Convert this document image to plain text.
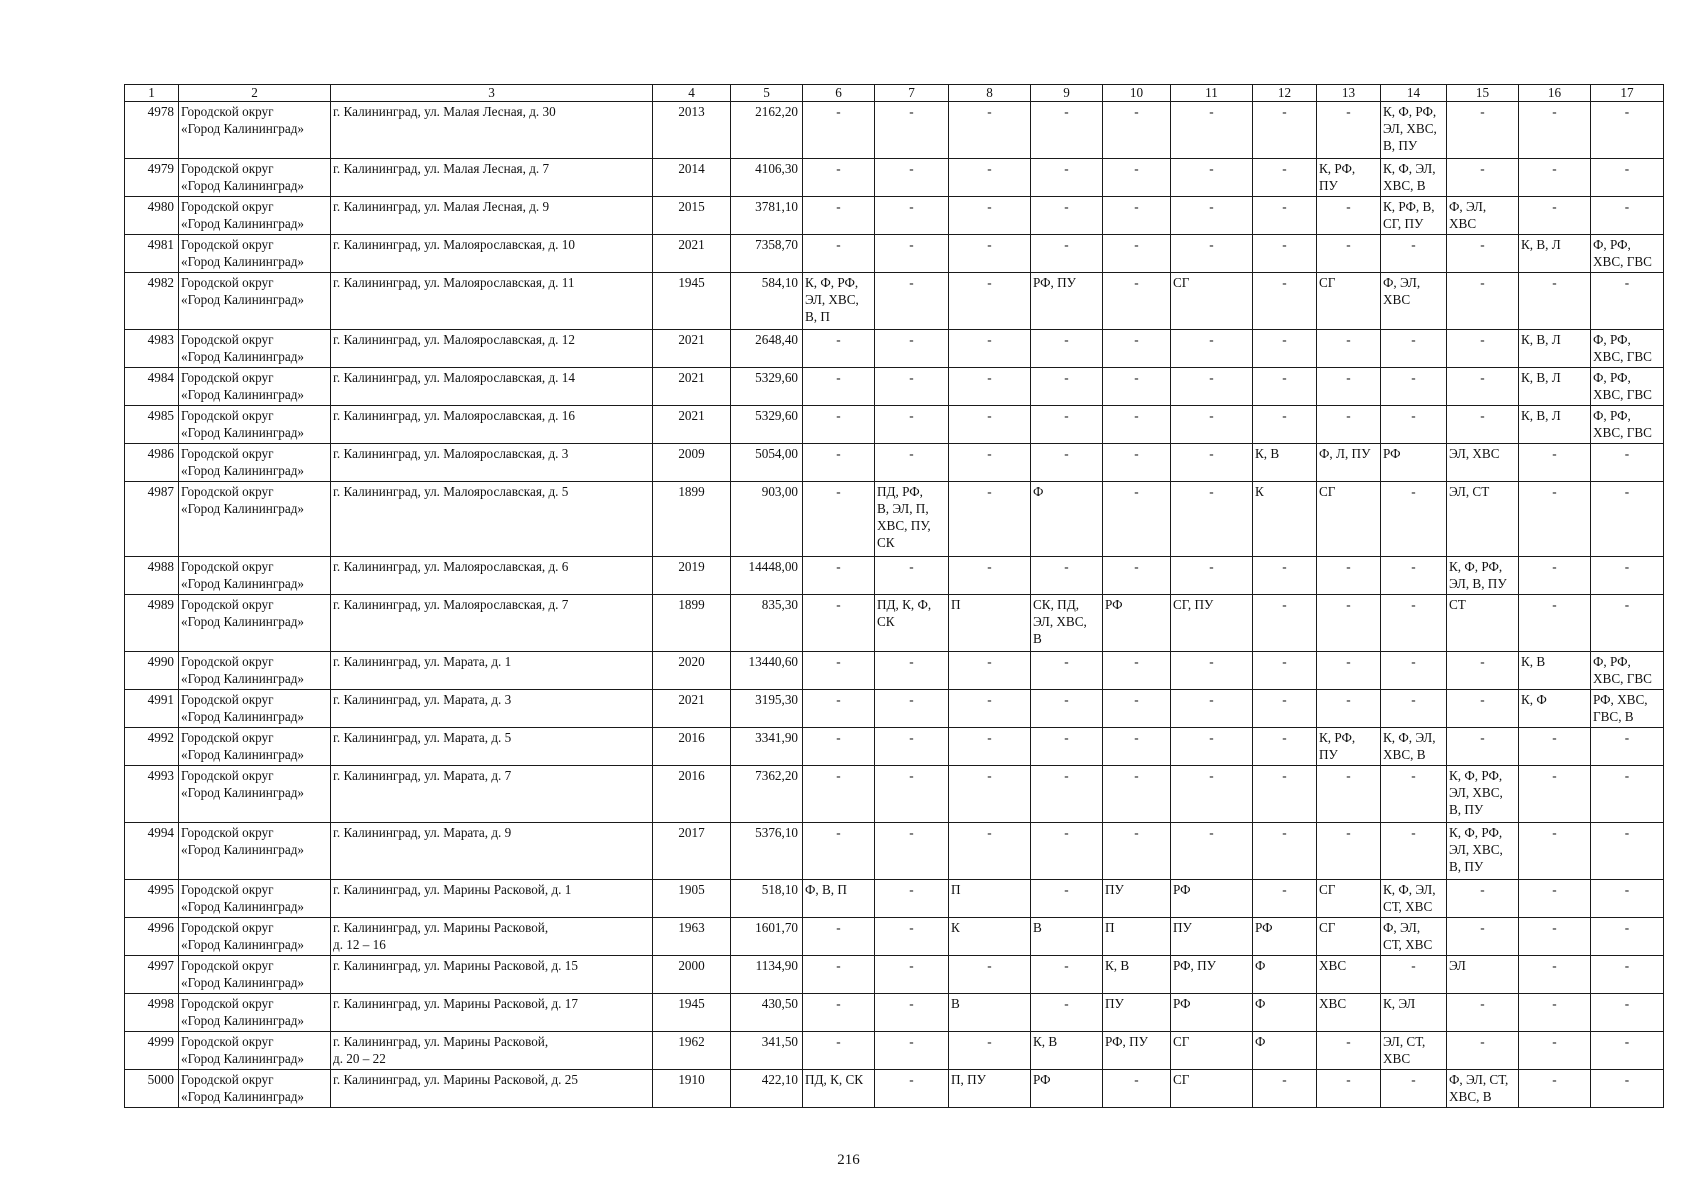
1	2	3	4	5	6	7	8	9	10	11	12	13	14	15	16	17
4978	Городской округ
«Город Калининград»	г. Калининград, ул. Малая Лесная, д. 30	2013	2162,20	-	-	-	-	-	-	-	-	К, Ф, РФ,
ЭЛ, ХВС,
В, ПУ	-	-	-
4979	Городской округ
«Город Калининград»	г. Калининград, ул. Малая Лесная, д. 7	2014	4106,30	-	-	-	-	-	-	-	К, РФ,
ПУ	К, Ф, ЭЛ,
ХВС, В	-	-	-
4980	Городской округ
«Город Калининград»	г. Калининград, ул. Малая Лесная, д. 9	2015	3781,10	-	-	-	-	-	-	-	-	К, РФ, В,
СГ, ПУ	Ф, ЭЛ,
ХВС	-	-
4981	Городской округ
«Город Калининград»	г. Калининград, ул. Малоярославская, д. 10	2021	7358,70	-	-	-	-	-	-	-	-	-	-	К, В, Л	Ф, РФ,
ХВС, ГВС
4982	Городской округ
«Город Калининград»	г. Калининград, ул. Малоярославская, д. 11	1945	584,10	К, Ф, РФ,
ЭЛ, ХВС,
В, П	-	-	РФ, ПУ	-	СГ	-	СГ	Ф, ЭЛ,
ХВС	-	-	-
4983	Городской округ
«Город Калининград»	г. Калининград, ул. Малоярославская, д. 12	2021	2648,40	-	-	-	-	-	-	-	-	-	-	К, В, Л	Ф, РФ,
ХВС, ГВС
4984	Городской округ
«Город Калининград»	г. Калининград, ул. Малоярославская, д. 14	2021	5329,60	-	-	-	-	-	-	-	-	-	-	К, В, Л	Ф, РФ,
ХВС, ГВС
4985	Городской округ
«Город Калининград»	г. Калининград, ул. Малоярославская, д. 16	2021	5329,60	-	-	-	-	-	-	-	-	-	-	К, В, Л	Ф, РФ,
ХВС, ГВС
4986	Городской округ
«Город Калининград»	г. Калининград, ул. Малоярославская, д. 3	2009	5054,00	-	-	-	-	-	-	К, В	Ф, Л, ПУ	РФ	ЭЛ, ХВС	-	-
4987	Городской округ
«Город Калининград»	г. Калининград, ул. Малоярославская, д. 5	1899	903,00	-	ПД, РФ,
В, ЭЛ, П,
ХВС, ПУ,
СК	-	Ф	-	-	К	СГ	-	ЭЛ, СТ	-	-
4988	Городской округ
«Город Калининград»	г. Калининград, ул. Малоярославская, д. 6	2019	14448,00	-	-	-	-	-	-	-	-	-	К, Ф, РФ,
ЭЛ, В, ПУ	-	-
4989	Городской округ
«Город Калининград»	г. Калининград, ул. Малоярославская, д. 7	1899	835,30	-	ПД, К, Ф,
СК	П	СК, ПД,
ЭЛ, ХВС,
В	РФ	СГ, ПУ	-	-	-	СТ	-	-
4990	Городской округ
«Город Калининград»	г. Калининград, ул. Марата, д. 1	2020	13440,60	-	-	-	-	-	-	-	-	-	-	К, В	Ф, РФ,
ХВС, ГВС
4991	Городской округ
«Город Калининград»	г. Калининград, ул. Марата, д. 3	2021	3195,30	-	-	-	-	-	-	-	-	-	-	К, Ф	РФ, ХВС,
ГВС, В
4992	Городской округ
«Город Калининград»	г. Калининград, ул. Марата, д. 5	2016	3341,90	-	-	-	-	-	-	-	К, РФ,
ПУ	К, Ф, ЭЛ,
ХВС, В	-	-	-
4993	Городской округ
«Город Калининград»	г. Калининград, ул. Марата, д. 7	2016	7362,20	-	-	-	-	-	-	-	-	-	К, Ф, РФ,
ЭЛ, ХВС,
В, ПУ	-	-
4994	Городской округ
«Город Калининград»	г. Калининград, ул. Марата, д. 9	2017	5376,10	-	-	-	-	-	-	-	-	-	К, Ф, РФ,
ЭЛ, ХВС,
В, ПУ	-	-
4995	Городской округ
«Город Калининград»	г. Калининград, ул. Марины Расковой, д. 1	1905	518,10	Ф, В, П	-	П	-	ПУ	РФ	-	СГ	К, Ф, ЭЛ,
СТ, ХВС	-	-	-
4996	Городской округ
«Город Калининград»	г. Калининград, ул. Марины Расковой,
д. 12 – 16	1963	1601,70	-	-	К	В	П	ПУ	РФ	СГ	Ф, ЭЛ,
СТ, ХВС	-	-	-
4997	Городской округ
«Город Калининград»	г. Калининград, ул. Марины Расковой, д. 15	2000	1134,90	-	-	-	-	К, В	РФ, ПУ	Ф	ХВС	-	ЭЛ	-	-
4998	Городской округ
«Город Калининград»	г. Калининград, ул. Марины Расковой, д. 17	1945	430,50	-	-	В	-	ПУ	РФ	Ф	ХВС	К, ЭЛ	-	-	-
4999	Городской округ
«Город Калининград»	г. Калининград, ул. Марины Расковой,
д. 20 – 22	1962	341,50	-	-	-	К, В	РФ, ПУ	СГ	Ф	-	ЭЛ, СТ,
ХВС	-	-	-
5000	Городской округ
«Город Калининград»	г. Калининград, ул. Марины Расковой, д. 25	1910	422,10	ПД, К, СК	-	П, ПУ	РФ	-	СГ	-	-	-	Ф, ЭЛ, СТ,
ХВС, В	-	-
216
